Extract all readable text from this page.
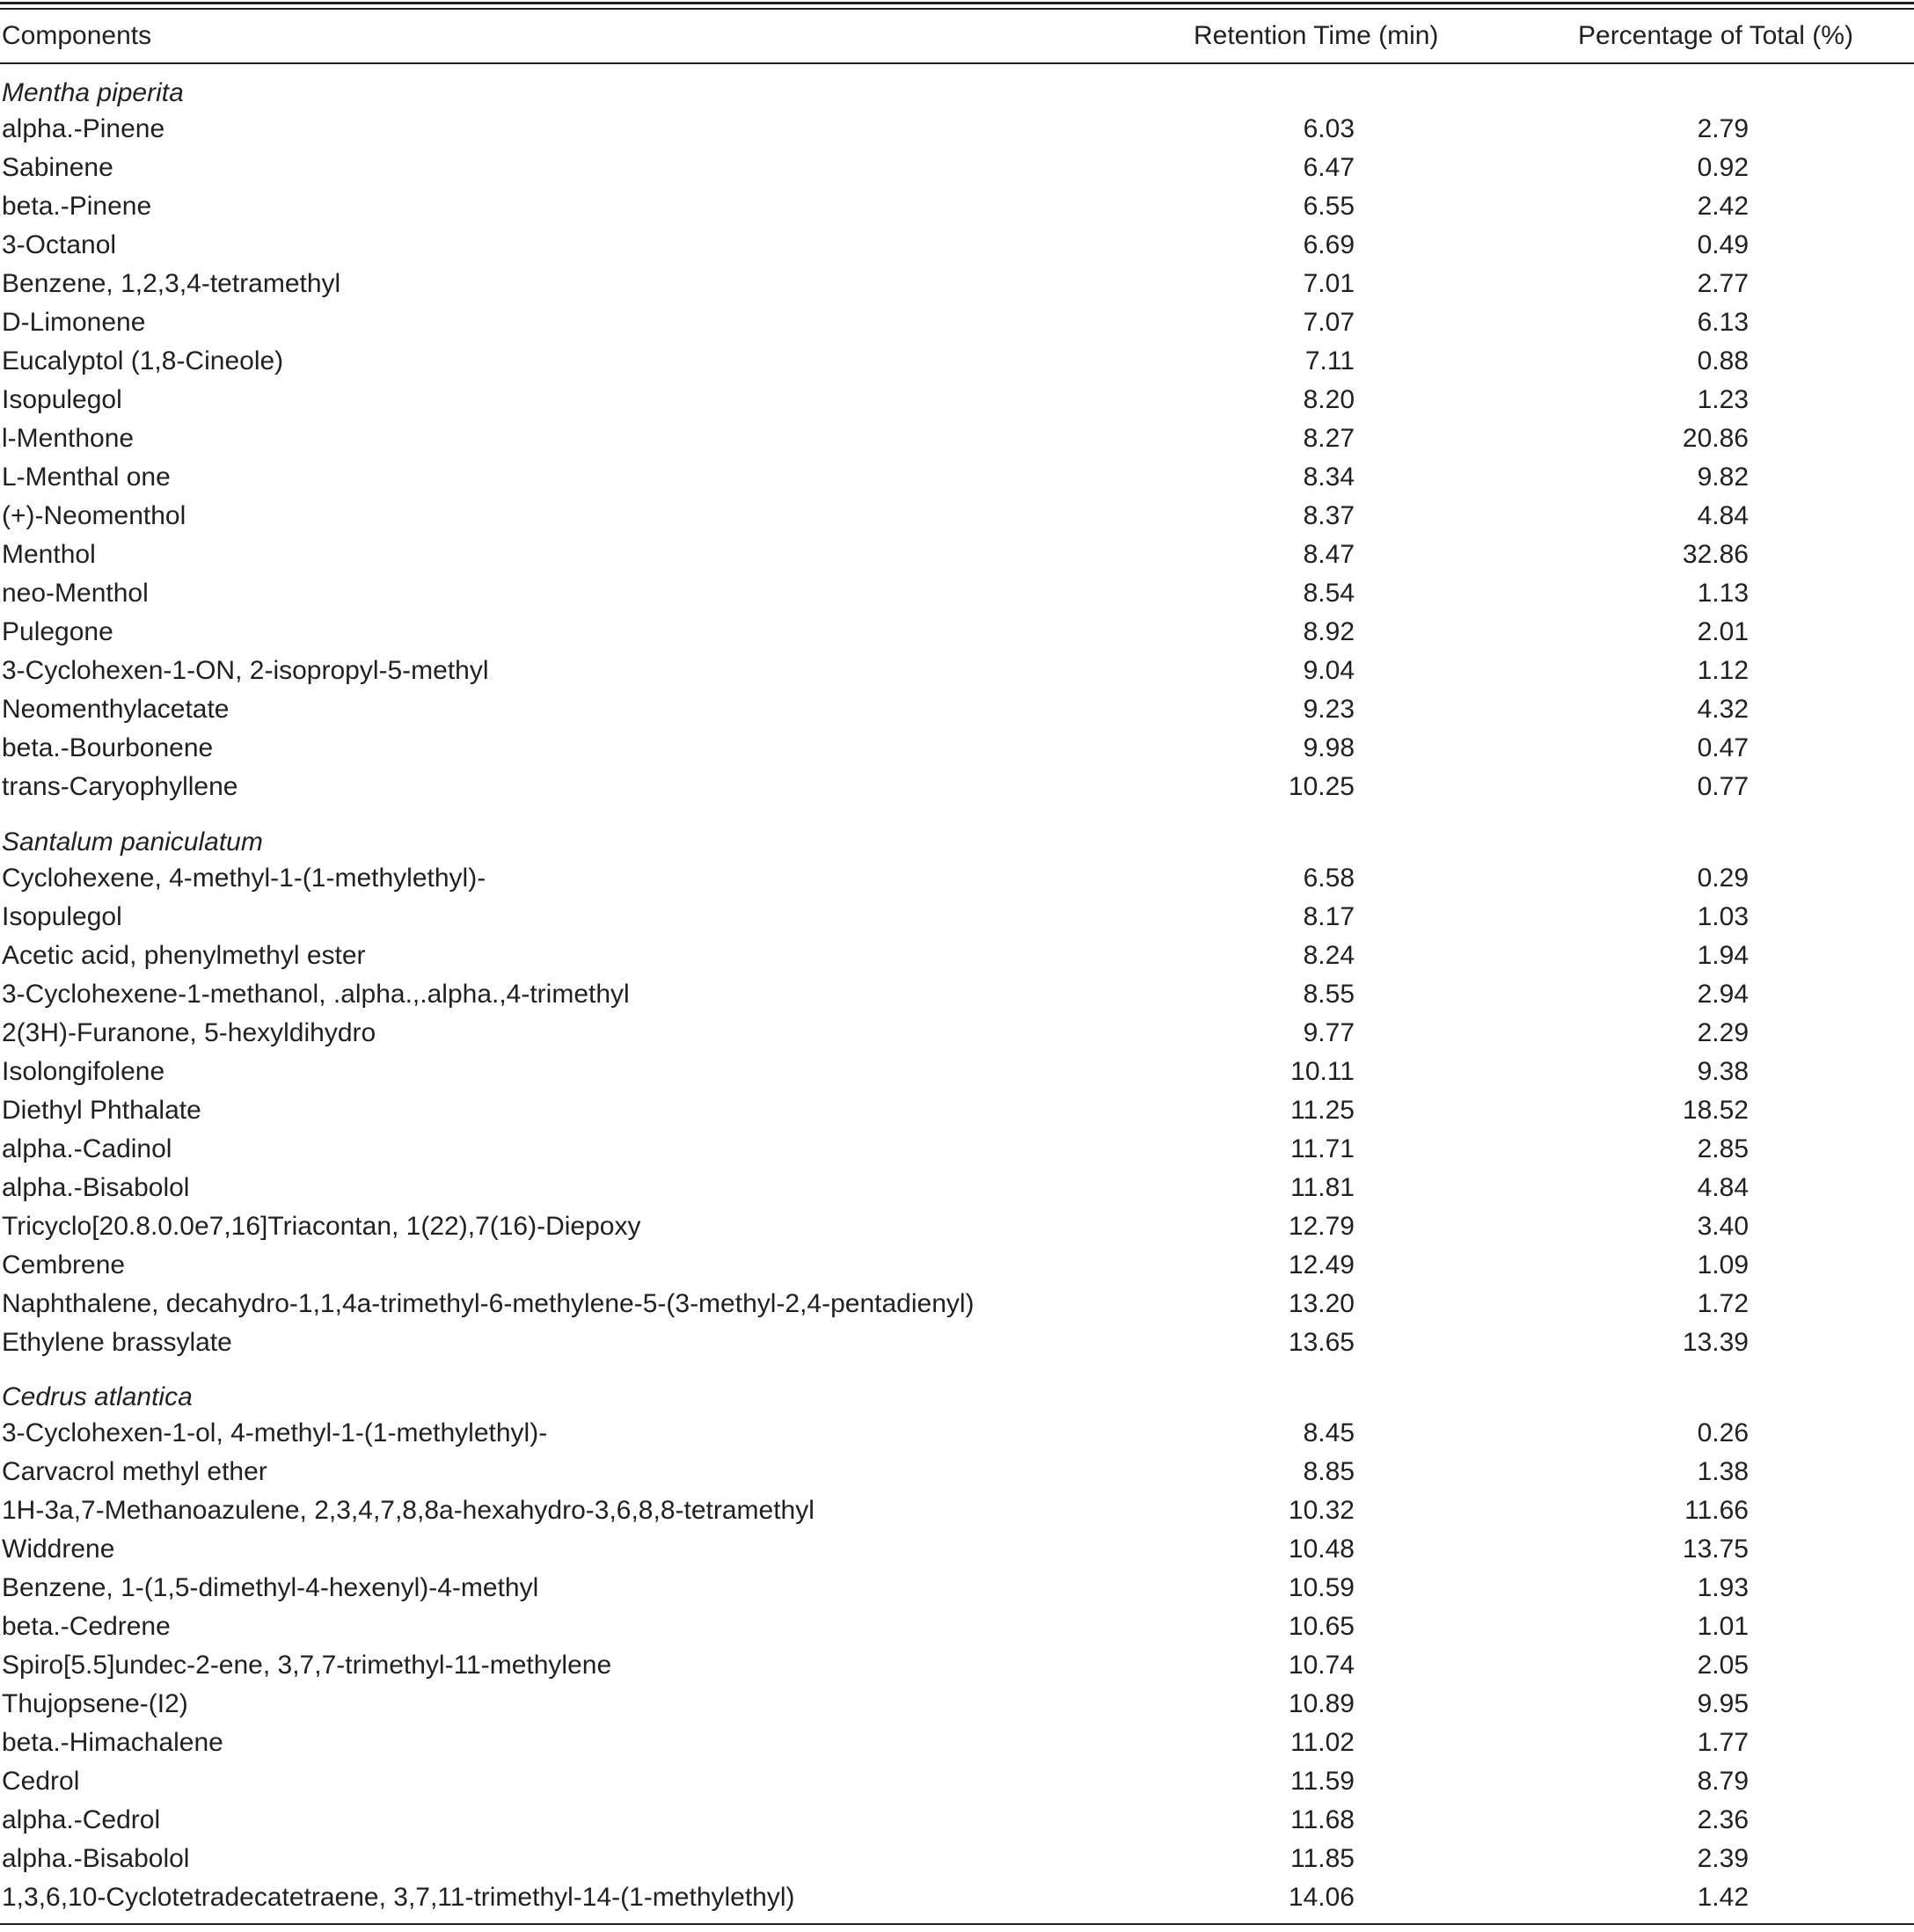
Components	Retention Time (min)	Percentage of Total (%)
Mentha piperita
alpha.-Pinene	6.03	2.79
Sabinene	6.47	0.92
beta.-Pinene	6.55	2.42
3-Octanol	6.69	0.49
Benzene, 1,2,3,4-tetramethyl	7.01	2.77
D-Limonene	7.07	6.13
Eucalyptol (1,8-Cineole)	7.11	0.88
Isopulegol	8.20	1.23
l-Menthone	8.27	20.86
L-Menthal one	8.34	9.82
(+)-Neomenthol	8.37	4.84
Menthol	8.47	32.86
neo-Menthol	8.54	1.13
Pulegone	8.92	2.01
3-Cyclohexen-1-ON, 2-isopropyl-5-methyl	9.04	1.12
Neomenthylacetate	9.23	4.32
beta.-Bourbonene	9.98	0.47
trans-Caryophyllene	10.25	0.77
Santalum paniculatum
Cyclohexene, 4-methyl-1-(1-methylethyl)-	6.58	0.29
Isopulegol	8.17	1.03
Acetic acid, phenylmethyl ester	8.24	1.94
3-Cyclohexene-1-methanol, .alpha.,.alpha.,4-trimethyl	8.55	2.94
2(3H)-Furanone, 5-hexyldihydro	9.77	2.29
Isolongifolene	10.11	9.38
Diethyl Phthalate	11.25	18.52
alpha.-Cadinol	11.71	2.85
alpha.-Bisabolol	11.81	4.84
Tricyclo[20.8.0.0e7,16]Triacontan, 1(22),7(16)-Diepoxy	12.79	3.40
Cembrene	12.49	1.09
Naphthalene, decahydro-1,1,4a-trimethyl-6-methylene-5-(3-methyl-2,4-pentadienyl)	13.20	1.72
Ethylene brassylate	13.65	13.39
Cedrus atlantica
3-Cyclohexen-1-ol, 4-methyl-1-(1-methylethyl)-	8.45	0.26
Carvacrol methyl ether	8.85	1.38
1H-3a,7-Methanoazulene, 2,3,4,7,8,8a-hexahydro-3,6,8,8-tetramethyl	10.32	11.66
Widdrene	10.48	13.75
Benzene, 1-(1,5-dimethyl-4-hexenyl)-4-methyl	10.59	1.93
beta.-Cedrene	10.65	1.01
Spiro[5.5]undec-2-ene, 3,7,7-trimethyl-11-methylene	10.74	2.05
Thujopsene-(I2)	10.89	9.95
beta.-Himachalene	11.02	1.77
Cedrol	11.59	8.79
alpha.-Cedrol	11.68	2.36
alpha.-Bisabolol	11.85	2.39
1,3,6,10-Cyclotetradecatetraene, 3,7,11-trimethyl-14-(1-methylethyl)	14.06	1.42
